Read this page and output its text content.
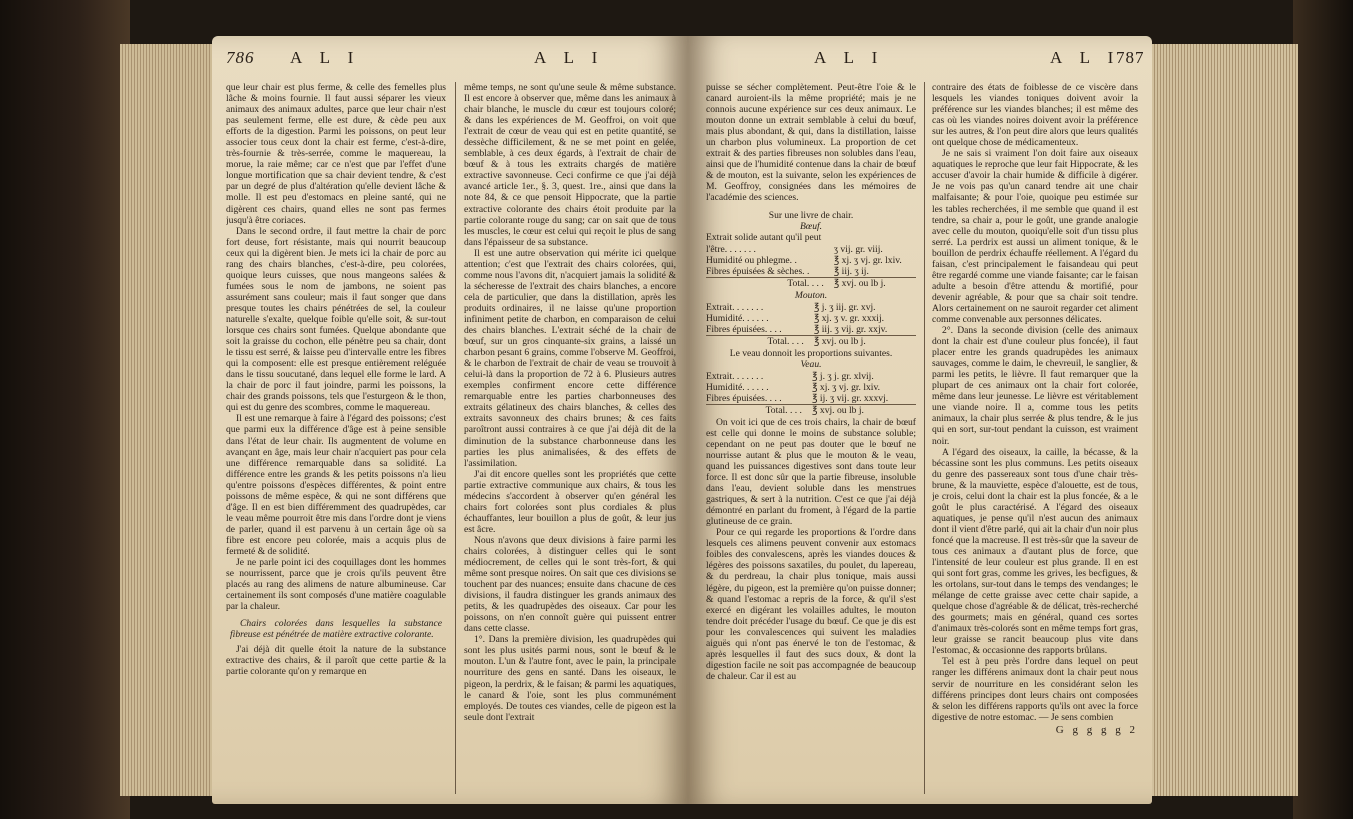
786 A L I	A L I

que leur chair est plus ferme, & celle des femelles plus lâche & moins fournie. Il faut aussi séparer les vieux animaux des animaux adultes, parce que leur chair n'est pas seulement ferme, elle est dure, & cède peu aux efforts de la digestion. Parmi les poissons, on peut leur associer tous ceux dont la chair est ferme, c'est-à-dire, très-fournie & très-serrée, comme le maquereau, la morue, la raie même; car ce n'est que par l'effet d'une longue mortification que sa chair devient tendre, & c'est par un degré de plus d'altération qu'elle devient lâche & molle. Il est peu d'estomacs en pleine santé, qui ne digèrent ces chairs, quand elles ne sont pas fermes jusqu'à être coriaces.

Dans le second ordre, il faut mettre la chair de porc fort deuse, fort résistante, mais qui nourrit beaucoup ceux qui la digèrent bien. Je mets ici la chair de porc au rang des chairs blanches, c'est-à-dire, peu colorées, quoique leurs cuisses, que nous mangeons salées & fumées sous le nom de jambons, ne soient pas assurément sans couleur; mais il faut songer que dans presque toutes les chairs pénétrées de sel, la couleur naturelle s'exalte, quelque foible qu'elle soit, & sur-tout lorsque ces chairs sont fumées. Quelque abondante que soit la graisse du cochon, elle pénètre peu sa chair, dont le tissu est serré, & laisse peu d'intervalle entre les fibres qui la composent: elle est presque entièrement reléguée dans le tissu soucutané, dans lequel elle forme le lard. A la chair de porc il faut joindre, parmi les poissons, la chair des grands poissons, tels que l'esturgeon & le thon, qui est du genre des scombres, comme le maquereau.

Il est une remarque à faire à l'égard des poissons; c'est que parmi eux la différence d'âge est à peine sensible dans l'état de leur chair. Ils augmentent de volume en avançant en âge, mais leur chair n'acquiert pas pour cela une différence remarquable dans sa solidité. La différence entre les grands & les petits poissons n'a lieu qu'entre poissons d'espèces différentes, & point entre poissons de même espèce, & qui ne sont différens que d'âge. Il en est bien différemment des quadrupèdes, car le veau même pourroit être mis dans l'ordre dont je viens de parler, quand il est parvenu à un certain âge où sa fibre est encore peu colorée, mais a acquis plus de fermeté & de solidité.

Je ne parle point ici des coquillages dont les hommes se nourrissent, parce que je crois qu'ils peuvent être placés au rang des alimens de nature albumineuse. Car certainement ils sont composés d'une matière coagulable par la chaleur.

Chairs colorées dans lesquelles la substance fibreuse est pénétrée de matière extractive colorante.

J'ai déjà dit quelle étoit la nature de la substance extractive des chairs, & il paroît que cette partie & la partie colorante qu'on y remarque en

même temps, ne sont qu'une seule & même substance. Il est encore à observer que, même dans les animaux à chair blanche, le muscle du cœur est toujours coloré; & dans les expériences de M. Geoffroi, on voit que l'extrait de cœur de veau qui est en petite quantité, se dessèche difficilement, & ne se met point en gelée, semblable, à ces deux égards, à l'extrait de chair de bœuf & à tous les extraits chargés de matière extractive savonneuse. Ceci confirme ce que j'ai déjà avancé article 1er., §. 3, quest. 1re., ainsi que dans la note 84, & ce que pensoit Hippocrate, que la partie extractive colorante des chairs étoit produite par la partie colorante rouge du sang; car on sait que de tous les muscles, le cœur est celui qui reçoit le plus de sang dans l'épaisseur de sa substance.

Il est une autre observation qui mérite ici quelque attention; c'est que l'extrait des chairs colorées, qui, comme nous l'avons dit, n'acquiert jamais la solidité & la sécheresse de l'extrait des chairs blanches, a encore cela de particulier, que dans la distillation, après les produits ordinaires, il ne laisse qu'une proportion infiniment petite de charbon, en comparaison de celui des chairs blanches. L'extrait séché de la chair de bœuf, sur un gros cinquante-six grains, a laissé un charbon pesant 6 grains, comme l'observe M. Geoffroi, & le charbon de l'extrait de chair de veau se trouvoit à celui-là dans la proportion de 72 à 6. Plusieurs autres exemples confirment encore cette différence remarquable entre les parties charbonneuses des extraits gélatineux des chairs blanches, & celles des extraits savonneux des chairs brunes; & ces faits paroîtront aussi contraires à ce que j'ai déjà dit de la diminution de la substance charbonneuse dans les parties les plus animalisées, & des effets de l'assimilation.

J'ai dit encore quelles sont les propriétés que cette partie extractive communique aux chairs, & tous les médecins s'accordent à observer qu'en général les chairs fort colorées sont plus cordiales & plus échauffantes, leur bouillon a plus de goût, & leur jus est âcre.

Nous n'avons que deux divisions à faire parmi les chairs colorées, à distinguer celles qui le sont médiocrement, de celles qui le sont très-fort, & qui même sont presque noires. On sait que ces divisions se touchent par des nuances; ensuite dans chacune de ces divisions, il faudra distinguer les grands animaux des petits, & les quadrupèdes des oiseaux. Car pour les poissons, on n'en connoît guère qui puissent entrer dans cette classe.

1°. Dans la première division, les quadrupèdes qui sont les plus usités parmi nous, sont le bœuf & le mouton. L'un & l'autre font, avec le pain, la principale nourriture des gens en santé. Dans les oiseaux, le pigeon, la perdrix, & le faisan; & parmi les aquatiques, le canard & l'oie, sont les plus communément employés. De toutes ces viandes, celle de pigeon est la seule dont l'extrait

A L I	A L I
787

puisse se sécher complètement. Peut-être l'oie & le canard auroient-ils la même propriété; mais je ne connois aucune expérience sur ces deux animaux. Le mouton donne un extrait semblable à celui du bœuf, mais plus abondant, & qui, dans la distillation, laisse un charbon plus volumineux. La proportion de cet extrait & des parties fibreuses non solubles dans l'eau, ainsi que de l'humidité contenue dans la chair de bœuf & de mouton, est la suivante, selon les expériences de M. Geoffroy, consignées dans les mémoires de l'académie des sciences.

Sur une livre de chair.

Bœuf.

Extrait solide autant qu'il peut

l'être. . . . . . .	ʒ vij. gr. viij.
Humidité ou phlegme. .	℥ xj. ʒ vj. gr. lxiv.
Fibres épuisées & sèches. .	℥ iij. ʒ ij.
Total. . . .	℥ xvj. ou lb j.

Mouton.

Extrait. . . . . . .	℥ j. ʒ iij. gr. xvj.
Humidité. . . . . .	℥ xj. ʒ v. gr. xxxij.
Fibres épuisées. . . .	℥ iij. ʒ vij. gr. xxjv.
Total. . . .	℥ xvj. ou lb j.

Le veau donnoit les proportions suivantes.

Veau.

Extrait. . . . . . .	℥ j. ʒ j. gr. xlvij.
Humidité. . . . . .	℥ xj. ʒ vj. gr. lxiv.
Fibres épuisées. . . .	℥ ij. ʒ vij. gr. xxxvj.
Total. . . .	℥ xvj. ou lb j.

On voit ici que de ces trois chairs, la chair de bœuf est celle qui donne le moins de substance soluble; cependant on ne peut pas douter que le bœuf ne nourrisse autant & plus que le mouton & le veau, quand les puissances digestives sont dans toute leur force. Il est donc sûr que la partie fibreuse, insoluble dans l'eau, devient soluble dans les menstrues gastriques, & sert à la nutrition. C'est ce que j'ai déjà démontré en parlant du froment, à l'égard de la partie glutineuse de ce grain.

Pour ce qui regarde les proportions & l'ordre dans lesquels ces alimens peuvent convenir aux estomacs foibles des convalescens, après les viandes douces & légères des poissons saxatiles, du poulet, du lapereau, & du perdreau, la chair plus tonique, mais aussi légère, du pigeon, est la première qu'on puisse donner; & quand l'estomac a repris de la force, & qu'il s'est exercé en digérant les volailles adultes, le mouton tendre doit précéder l'usage du bœuf. Ce que je dis est pour les convalescences qui suivent les maladies aiguës qui n'ont pas énervé le ton de l'estomac, & après lesquelles il faut des sucs doux, & dont la digestion facile ne soit pas accompagnée de beaucoup de chaleur. Car il est au

contraire des états de foiblesse de ce viscère dans lesquels les viandes toniques doivent avoir la préférence sur les viandes blanches; il est même des cas où les viandes noires doivent avoir la préférence sur les autres, & l'on peut dire alors que leurs qualités ont quelque chose de médicamenteux.

Je ne sais si vraiment l'on doit faire aux oiseaux aquatiques le reproche que leur fait Hippocrate, & les accuser d'avoir la chair humide & difficile à digérer. Je ne vois pas qu'un canard tendre ait une chair malfaisante; & pour l'oie, quoique peu estimée sur les tables recherchées, il me semble que quand il est tendre, sa chair a, pour le goût, une grande analogie avec celle du mouton, quoiqu'elle soit d'un tissu plus serré. La perdrix est aussi un aliment tonique, & le bouillon de perdrix échauffe réellement. A l'égard du faisan, c'est principalement le faisandeau qui peut être regardé comme une viande faisante; car le faisan adulte a besoin d'être attendu & mortifié, pour devenir agréable, & pour que sa chair soit tendre. Alors certainement on ne sauroit regarder cet aliment comme convenable aux personnes délicates.

2°. Dans la seconde division (celle des animaux dont la chair est d'une couleur plus foncée), il faut placer entre les grands quadrupèdes les animaux sauvages, comme le daim, le chevreuil, le sanglier, & parmi les petits, le lièvre. Il faut remarquer que la plupart de ces animaux ont la chair fort colorée, même dans leur jeunesse. Le lièvre est véritablement une viande noire. Il a, comme tous les petits animaux, la chair plus serrée & plus tendre, & le jus qui en sort, sur-tout pendant la cuisson, est vraiment noir.

A l'égard des oiseaux, la caille, la bécasse, & la bécassine sont les plus communs. Les petits oiseaux du genre des passereaux sont tous d'une chair très-brune, & la mauviette, espèce d'alouette, est de tous, je crois, celui dont la chair est la plus foncée, & a le goût le plus caractérisé. A l'égard des oiseaux aquatiques, je pense qu'il n'est aucun des animaux dont il vient d'être parlé, qui ait la chair d'un noir plus foncé que la macreuse. Il est très-sûr que la saveur de tous ces animaux a d'autant plus de force, que l'intensité de leur couleur est plus grande. Il en est qui sont fort gras, comme les grives, les becfigues, & les ortolans, sur-tout dans le temps des vendanges; le mélange de cette graisse avec cette chair sapide, a quelque chose d'agréable & de délicat, très-recherché des gourmets; mais en général, quand ces sortes d'animaux très-colorés sont en même temps fort gras, leur graisse se rancit beaucoup plus vite dans l'estomac, & occasionne des rapports brûlans.

Tel est à peu près l'ordre dans lequel on peut ranger les différens animaux dont la chair peut nous servir de nourriture en les considérant selon les différens principes dont leurs chairs ont composées & selon les différens rapports qu'ils ont avec la force digestive de notre estomac. — Je sens combien

G g g g g 2
